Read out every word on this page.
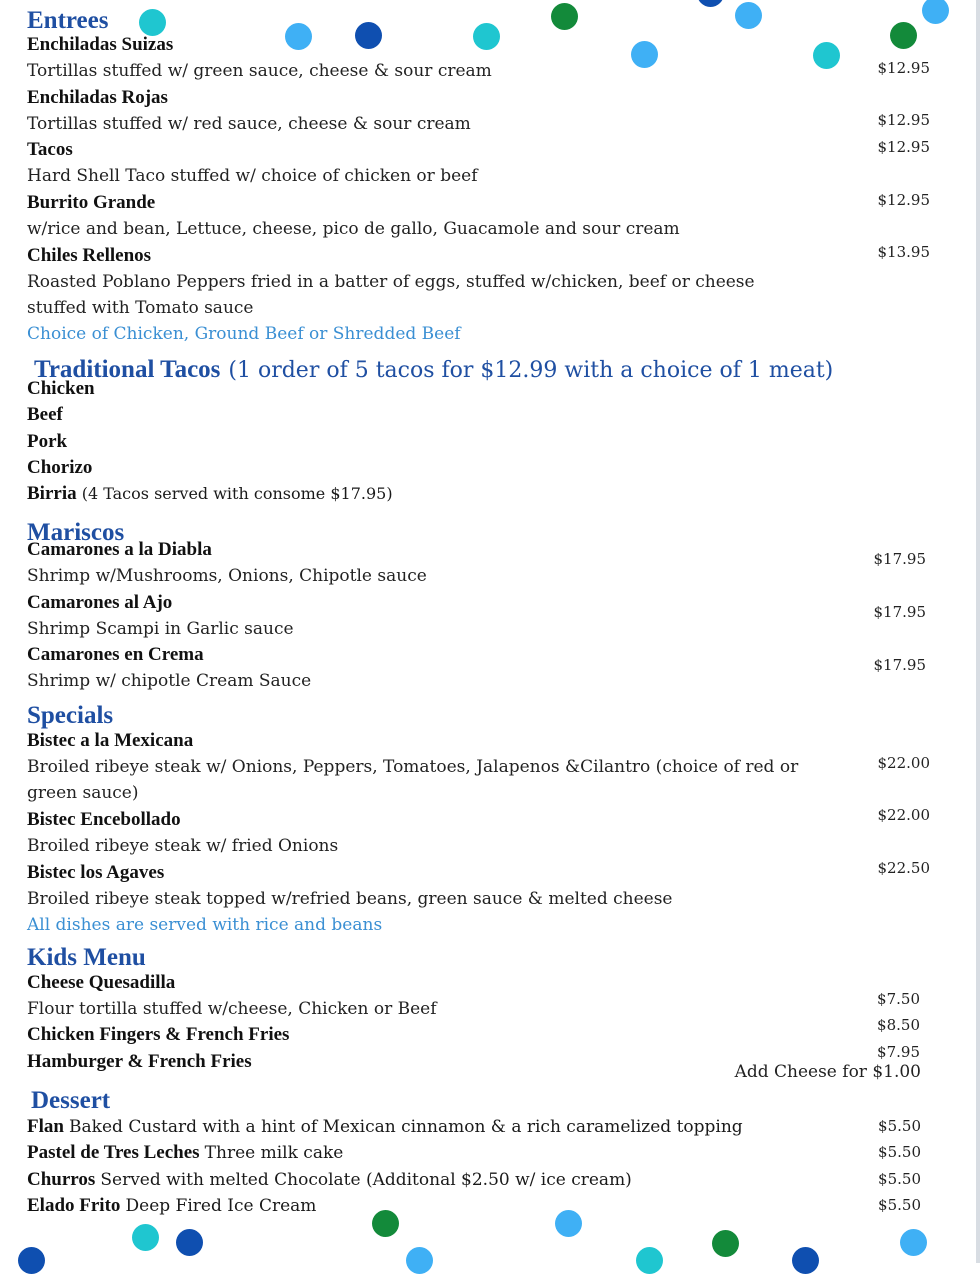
Entrees
Enchiladas Suizas
Tortillas stuffed w/ green sauce, cheese & sour cream	$12.95
Enchiladas Rojas
Tortillas stuffed w/ red sauce, cheese & sour cream	$12.95
Tacos	$12.95
Hard Shell Taco stuffed w/ choice of chicken or beef
Burrito Grande	$12.95
w/rice and bean, Lettuce, cheese, pico de gallo, Guacamole and sour cream
Chiles Rellenos	$13.95
Roasted Poblano Peppers fried in a batter of eggs, stuffed w/chicken, beef or cheese
stuffed with Tomato sauce
Choice of Chicken, Ground Beef or Shredded Beef
Traditional Tacos (1 order of 5 tacos for $12.99 with a choice of 1 meat)
Chicken
Beef
Pork
Chorizo
Birria (4 Tacos served with consome $17.95)
Mariscos
Camarones a la Diabla	$17.95
Shrimp w/Mushrooms, Onions, Chipotle sauce
Camarones al Ajo	$17.95
Shrimp Scampi in Garlic sauce
Camarones en Crema	$17.95
Shrimp w/ chipotle Cream Sauce
Specials
Bistec a la Mexicana
Broiled ribeye steak w/ Onions, Peppers, Tomatoes, Jalapenos &Cilantro (choice of red or	$22.00
green sauce)
Bistec Encebollado	$22.00
Broiled ribeye steak w/ fried Onions
Bistec los Agaves	$22.50
Broiled ribeye steak topped w/refried beans, green sauce & melted cheese
All dishes are served with rice and beans
Kids Menu
Cheese Quesadilla
Flour tortilla stuffed w/cheese, Chicken or Beef	$7.50
Chicken Fingers & French Fries	$8.50
Hamburger & French Fries	$7.95
Add Cheese for $1.00
Dessert
Flan Baked Custard with a hint of Mexican cinnamon & a rich caramelized topping	$5.50
Pastel de Tres Leches Three milk cake	$5.50
Churros Served with melted Chocolate (Additonal $2.50 w/ ice cream)	$5.50
Elado Frito Deep Fired Ice Cream	$5.50
